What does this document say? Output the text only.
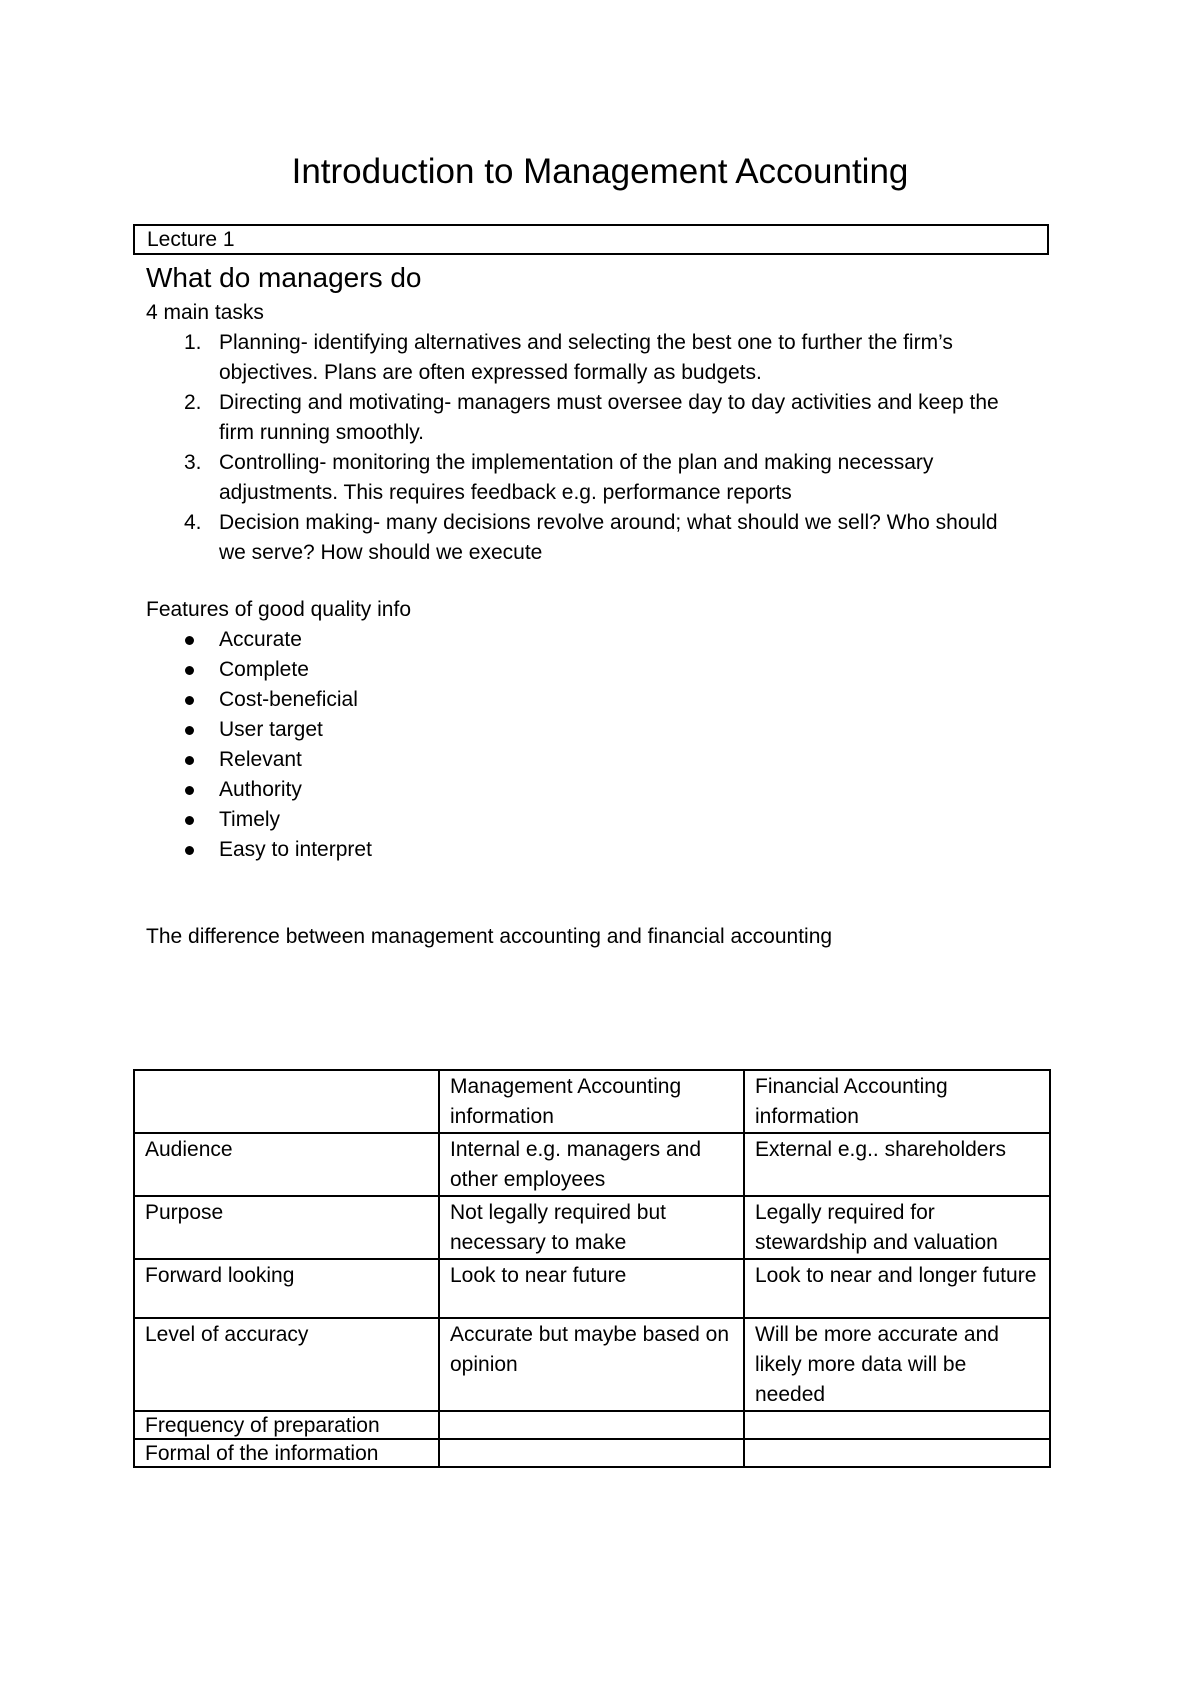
Introduction to Management Accounting
Lecture 1
What do managers do
4 main tasks
1. Planning- identifying alternatives and selecting the best one to further the firm’s
objectives. Plans are often expressed formally as budgets.
2. Directing and motivating- managers must oversee day to day activities and keep the
firm running smoothly.
3. Controlling- monitoring the implementation of the plan and making necessary
adjustments. This requires feedback e.g. performance reports
4. Decision making- many decisions revolve around; what should we sell? Who should
we serve? How should we execute
Features of good quality info
Accurate
Complete
Cost-beneficial
User target
Relevant
Authority
Timely
Easy to interpret
The difference between management accounting and financial accounting
	Management Accounting information	Financial Accounting information
Audience	Internal e.g. managers and other employees	External e.g.. shareholders
Purpose	Not legally required but necessary to make	Legally required for stewardship and valuation
Forward looking	Look to near future	Look to near and longer future
Level of accuracy	Accurate but maybe based on opinion	Will be more accurate and likely more data will be needed
Frequency of preparation		
Formal of the information		
